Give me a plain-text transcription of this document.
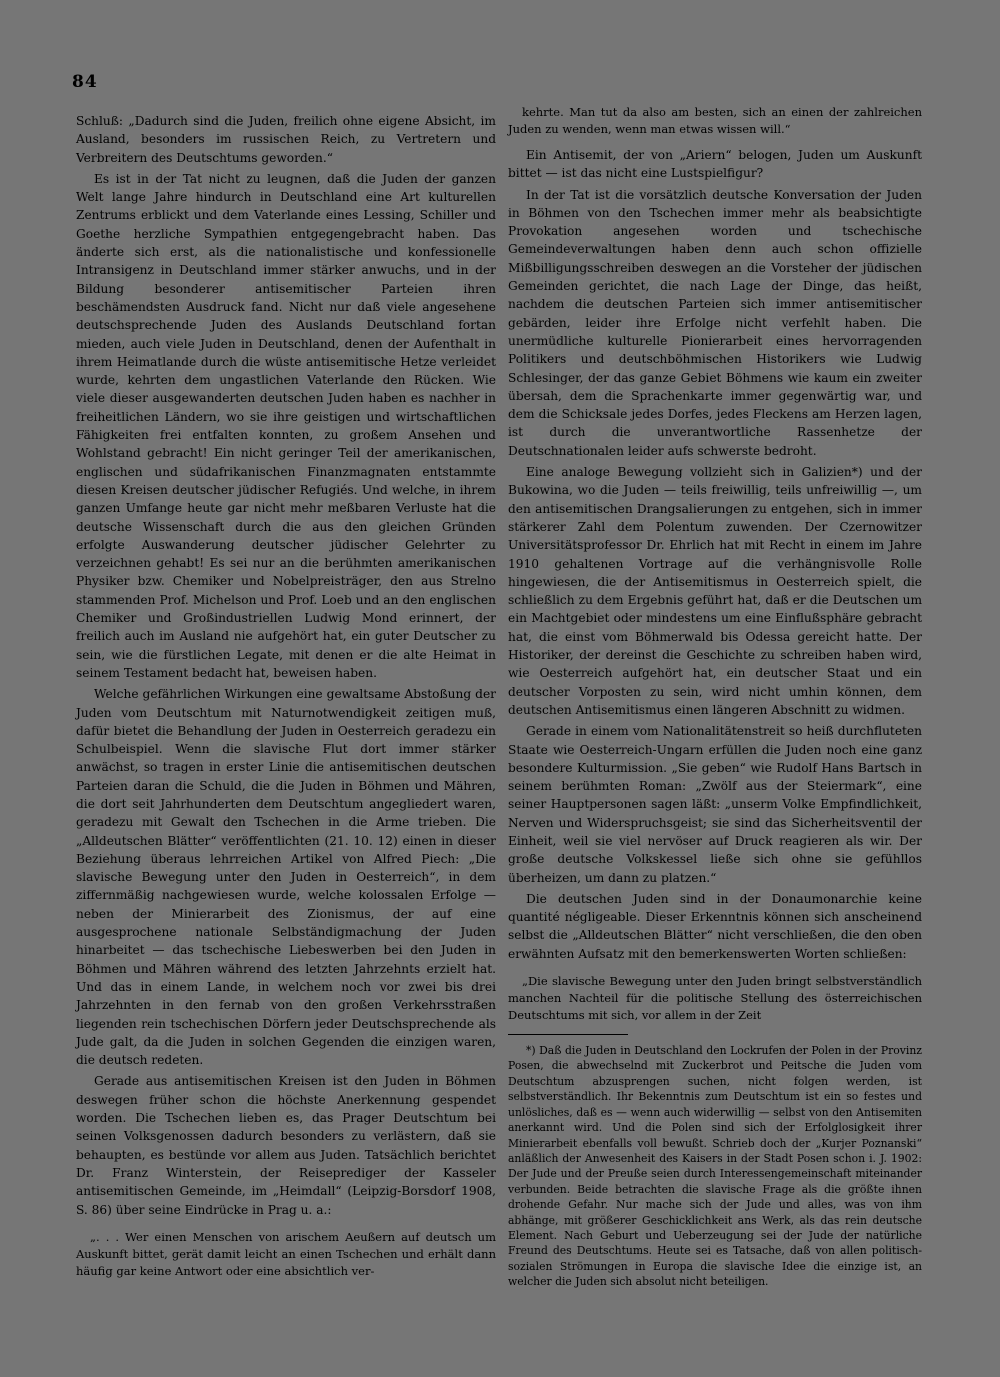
84

Schluß: „Dadurch sind die Juden, freilich ohne eigene Absicht, im Ausland, besonders im russischen Reich, zu Vertretern und Verbreitern des Deutschtums geworden.“

Es ist in der Tat nicht zu leugnen, daß die Juden der ganzen Welt lange Jahre hindurch in Deutschland eine Art kulturellen Zentrums erblickt und dem Vaterlande eines Lessing, Schiller und Goethe herzliche Sympathien entgegengebracht haben. Das änderte sich erst, als die nationalistische und konfessionelle Intransigenz in Deutschland immer stärker anwuchs, und in der Bildung besonderer antisemitischer Parteien ihren beschämendsten Ausdruck fand. Nicht nur daß viele angesehene deutschsprechende Juden des Auslands Deutschland fortan mieden, auch viele Juden in Deutschland, denen der Aufenthalt in ihrem Heimatlande durch die wüste antisemitische Hetze verleidet wurde, kehrten dem ungastlichen Vaterlande den Rücken. Wie viele dieser ausgewanderten deutschen Juden haben es nachher in freiheitlichen Ländern, wo sie ihre geistigen und wirtschaftlichen Fähigkeiten frei entfalten konnten, zu großem Ansehen und Wohlstand gebracht! Ein nicht geringer Teil der amerikanischen, englischen und südafrikanischen Finanzmagnaten entstammte diesen Kreisen deutscher jüdischer Refugiés. Und welche, in ihrem ganzen Umfange heute gar nicht mehr meßbaren Verluste hat die deutsche Wissenschaft durch die aus den gleichen Gründen erfolgte Auswanderung deutscher jüdischer Gelehrter zu verzeichnen gehabt! Es sei nur an die berühmten amerikanischen Physiker bzw. Chemiker und Nobelpreisträger, den aus Strelno stammenden Prof. Michelson und Prof. Loeb und an den englischen Chemiker und Großindustriellen Ludwig Mond erinnert, der freilich auch im Ausland nie aufgehört hat, ein guter Deutscher zu sein, wie die fürstlichen Legate, mit denen er die alte Heimat in seinem Testament bedacht hat, beweisen haben.

Welche gefährlichen Wirkungen eine gewaltsame Abstoßung der Juden vom Deutschtum mit Naturnotwendigkeit zeitigen muß, dafür bietet die Behandlung der Juden in Oesterreich geradezu ein Schulbeispiel. Wenn die slavische Flut dort immer stärker anwächst, so tragen in erster Linie die antisemitischen deutschen Parteien daran die Schuld, die die Juden in Böhmen und Mähren, die dort seit Jahrhunderten dem Deutschtum angegliedert waren, geradezu mit Gewalt den Tschechen in die Arme trieben. Die „Alldeutschen Blätter“ veröffentlichten (21. 10. 12) einen in dieser Beziehung überaus lehrreichen Artikel von Alfred Piech: „Die slavische Bewegung unter den Juden in Oesterreich“, in dem ziffernmäßig nachgewiesen wurde, welche kolossalen Erfolge — neben der Minierarbeit des Zionismus, der auf eine ausgesprochene nationale Selbständigmachung der Juden hinarbeitet — das tschechische Liebeswerben bei den Juden in Böhmen und Mähren während des letzten Jahrzehnts erzielt hat. Und das in einem Lande, in welchem noch vor zwei bis drei Jahrzehnten in den fernab von den großen Verkehrsstraßen liegenden rein tschechischen Dörfern jeder Deutschsprechende als Jude galt, da die Juden in solchen Gegenden die einzigen waren, die deutsch redeten.

Gerade aus antisemitischen Kreisen ist den Juden in Böhmen deswegen früher schon die höchste Anerkennung gespendet worden. Die Tschechen lieben es, das Prager Deutschtum bei seinen Volksgenossen dadurch besonders zu verlästern, daß sie behaupten, es bestünde vor allem aus Juden. Tatsächlich berichtet Dr. Franz Winterstein, der Reiseprediger der Kasseler antisemitischen Gemeinde, im „Heimdall“ (Leipzig-Borsdorf 1908, S. 86) über seine Eindrücke in Prag u. a.:

„. . . Wer einen Menschen von arischem Aeußern auf deutsch um Auskunft bittet, gerät damit leicht an einen Tschechen und erhält dann häufig gar keine Antwort oder eine absichtlich ver-

kehrte. Man tut da also am besten, sich an einen der zahlreichen Juden zu wenden, wenn man etwas wissen will.“

Ein Antisemit, der von „Ariern“ belogen, Juden um Auskunft bittet — ist das nicht eine Lustspielfigur?

In der Tat ist die vorsätzlich deutsche Konversation der Juden in Böhmen von den Tschechen immer mehr als beabsichtigte Provokation angesehen worden und tschechische Gemeindeverwaltungen haben denn auch schon offizielle Mißbilligungsschreiben deswegen an die Vorsteher der jüdischen Gemeinden gerichtet, die nach Lage der Dinge, das heißt, nachdem die deutschen Parteien sich immer antisemitischer gebärden, leider ihre Erfolge nicht verfehlt haben. Die unermüdliche kulturelle Pionierarbeit eines hervorragenden Politikers und deutschböhmischen Historikers wie Ludwig Schlesinger, der das ganze Gebiet Böhmens wie kaum ein zweiter übersah, dem die Sprachenkarte immer gegenwärtig war, und dem die Schicksale jedes Dorfes, jedes Fleckens am Herzen lagen, ist durch die unverantwortliche Rassenhetze der Deutschnationalen leider aufs schwerste bedroht.

Eine analoge Bewegung vollzieht sich in Galizien*) und der Bukowina, wo die Juden — teils freiwillig, teils unfreiwillig —, um den antisemitischen Drangsalierungen zu entgehen, sich in immer stärkerer Zahl dem Polentum zuwenden. Der Czernowitzer Universitätsprofessor Dr. Ehrlich hat mit Recht in einem im Jahre 1910 gehaltenen Vortrage auf die verhängnisvolle Rolle hingewiesen, die der Antisemitismus in Oesterreich spielt, die schließlich zu dem Ergebnis geführt hat, daß er die Deutschen um ein Machtgebiet oder mindestens um eine Einflußsphäre gebracht hat, die einst vom Böhmerwald bis Odessa gereicht hatte. Der Historiker, der dereinst die Geschichte zu schreiben haben wird, wie Oesterreich aufgehört hat, ein deutscher Staat und ein deutscher Vorposten zu sein, wird nicht umhin können, dem deutschen Antisemitismus einen längeren Abschnitt zu widmen.

Gerade in einem vom Nationalitätenstreit so heiß durchfluteten Staate wie Oesterreich-Ungarn erfüllen die Juden noch eine ganz besondere Kulturmission. „Sie geben“ wie Rudolf Hans Bartsch in seinem berühmten Roman: „Zwölf aus der Steiermark“, eine seiner Hauptpersonen sagen läßt: „unserm Volke Empfindlichkeit, Nerven und Widerspruchsgeist; sie sind das Sicherheitsventil der Einheit, weil sie viel nervöser auf Druck reagieren als wir. Der große deutsche Volkskessel ließe sich ohne sie gefühllos überheizen, um dann zu platzen.“

Die deutschen Juden sind in der Donaumonarchie keine quantité négligeable. Dieser Erkenntnis können sich anscheinend selbst die „Alldeutschen Blätter“ nicht verschließen, die den oben erwähnten Aufsatz mit den bemerkenswerten Worten schließen:

„Die slavische Bewegung unter den Juden bringt selbstverständlich manchen Nachteil für die politische Stellung des österreichischen Deutschtums mit sich, vor allem in der Zeit

*) Daß die Juden in Deutschland den Lockrufen der Polen in der Provinz Posen, die abwechselnd mit Zuckerbrot und Peitsche die Juden vom Deutschtum abzusprengen suchen, nicht folgen werden, ist selbstverständlich. Ihr Bekenntnis zum Deutschtum ist ein so festes und unlösliches, daß es — wenn auch widerwillig — selbst von den Antisemiten anerkannt wird. Und die Polen sind sich der Erfolglosigkeit ihrer Minierarbeit ebenfalls voll bewußt. Schrieb doch der „Kurjer Poznanski“ anläßlich der Anwesenheit des Kaisers in der Stadt Posen schon i. J. 1902: Der Jude und der Preuße seien durch Interessengemeinschaft miteinander verbunden. Beide betrachten die slavische Frage als die größte ihnen drohende Gefahr. Nur mache sich der Jude und alles, was von ihm abhänge, mit größerer Geschicklichkeit ans Werk, als das rein deutsche Element. Nach Geburt und Ueberzeugung sei der Jude der natürliche Freund des Deutschtums. Heute sei es Tatsache, daß von allen politisch-sozialen Strömungen in Europa die slavische Idee die einzige ist, an welcher die Juden sich absolut nicht beteiligen.
